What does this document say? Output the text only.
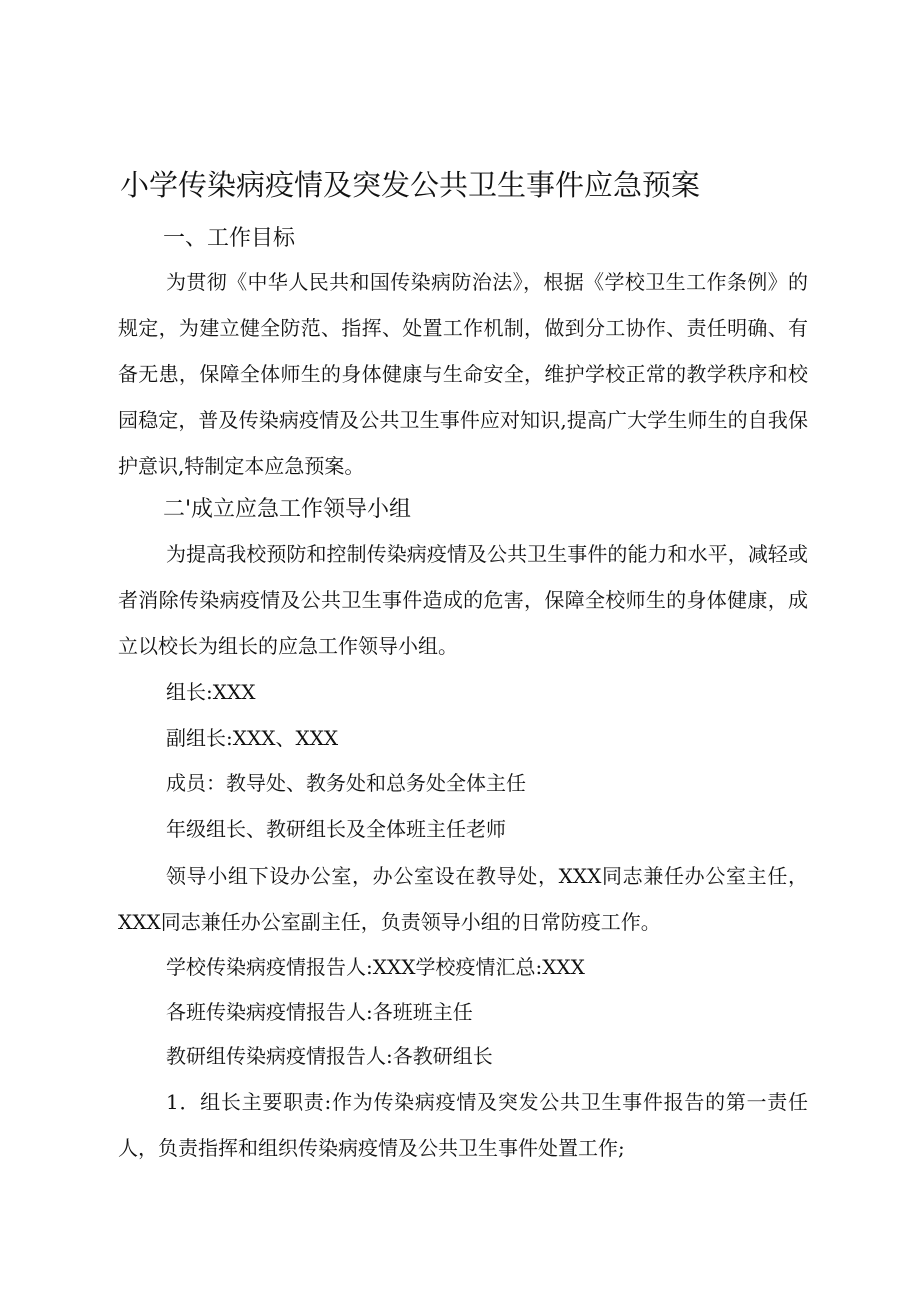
小学传染病疫情及突发公共卫生事件应急预案
一、工作目标

为贯彻《中华人民共和国传染病防治法》，根据《学校卫生工作条例》的规定，为建立健全防范、指挥、处置工作机制，做到分工协作、责任明确、有备无患，保障全体师生的身体健康与生命安全，维护学校正常的教学秩序和校园稳定，普及传染病疫情及公共卫生事件应对知识,提高广大学生师生的自我保护意识,特制定本应急预案。

二'成立应急工作领导小组

为提高我校预防和控制传染病疫情及公共卫生事件的能力和水平，减轻或者消除传染病疫情及公共卫生事件造成的危害，保障全校师生的身体健康，成立以校长为组长的应急工作领导小组。

组长:XXX
副组长:XXX、XXX
成员：教导处、教务处和总务处全体主任
年级组长、教研组长及全体班主任老师

领导小组下设办公室，办公室设在教导处，XXX同志兼任办公室主任，XXX同志兼任办公室副主任，负责领导小组的日常防疫工作。

学校传染病疫情报告人:XXX学校疫情汇总:XXX
各班传染病疫情报告人:各班班主任
教研组传染病疫情报告人:各教研组长

1．组长主要职责:作为传染病疫情及突发公共卫生事件报告的第一责任人，负责指挥和组织传染病疫情及公共卫生事件处置工作;
